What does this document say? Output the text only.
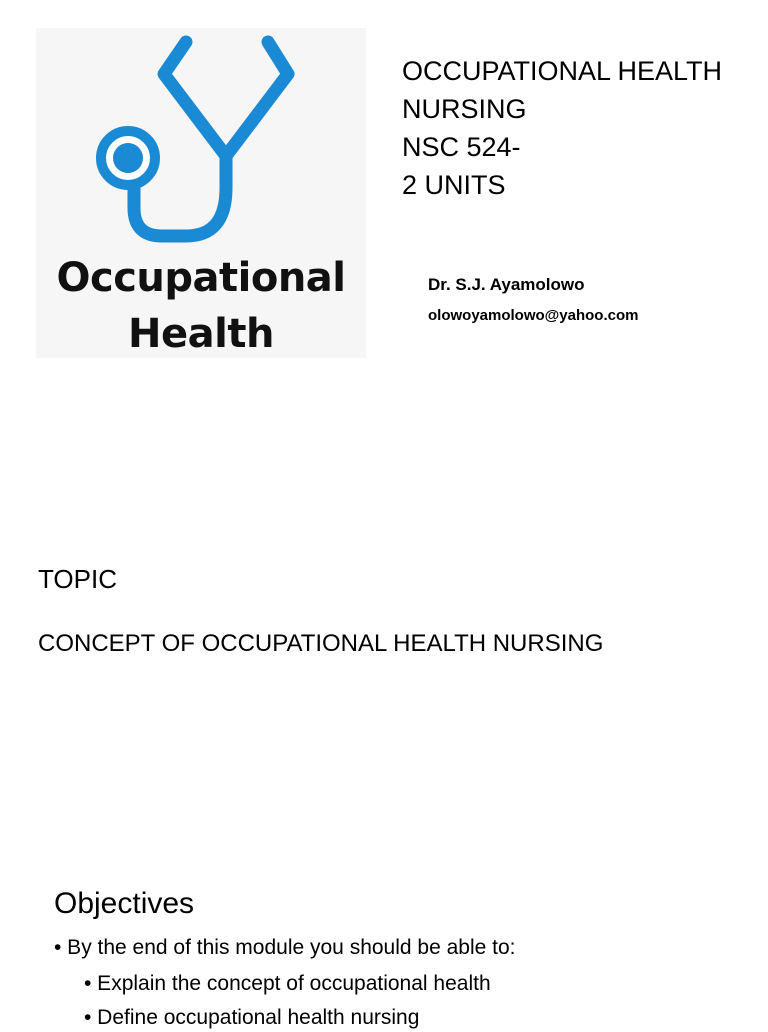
Occupational
Health
OCCUPATIONAL HEALTH
NURSING
NSC 524-
2 UNITS
Dr. S.J. Ayamolowo
olowoyamolowo@yahoo.com
TOPIC
CONCEPT OF OCCUPATIONAL HEALTH NURSING
Objectives
• By the end of this module you should be able to:
• Explain the concept of occupational health
• Define occupational health nursing
